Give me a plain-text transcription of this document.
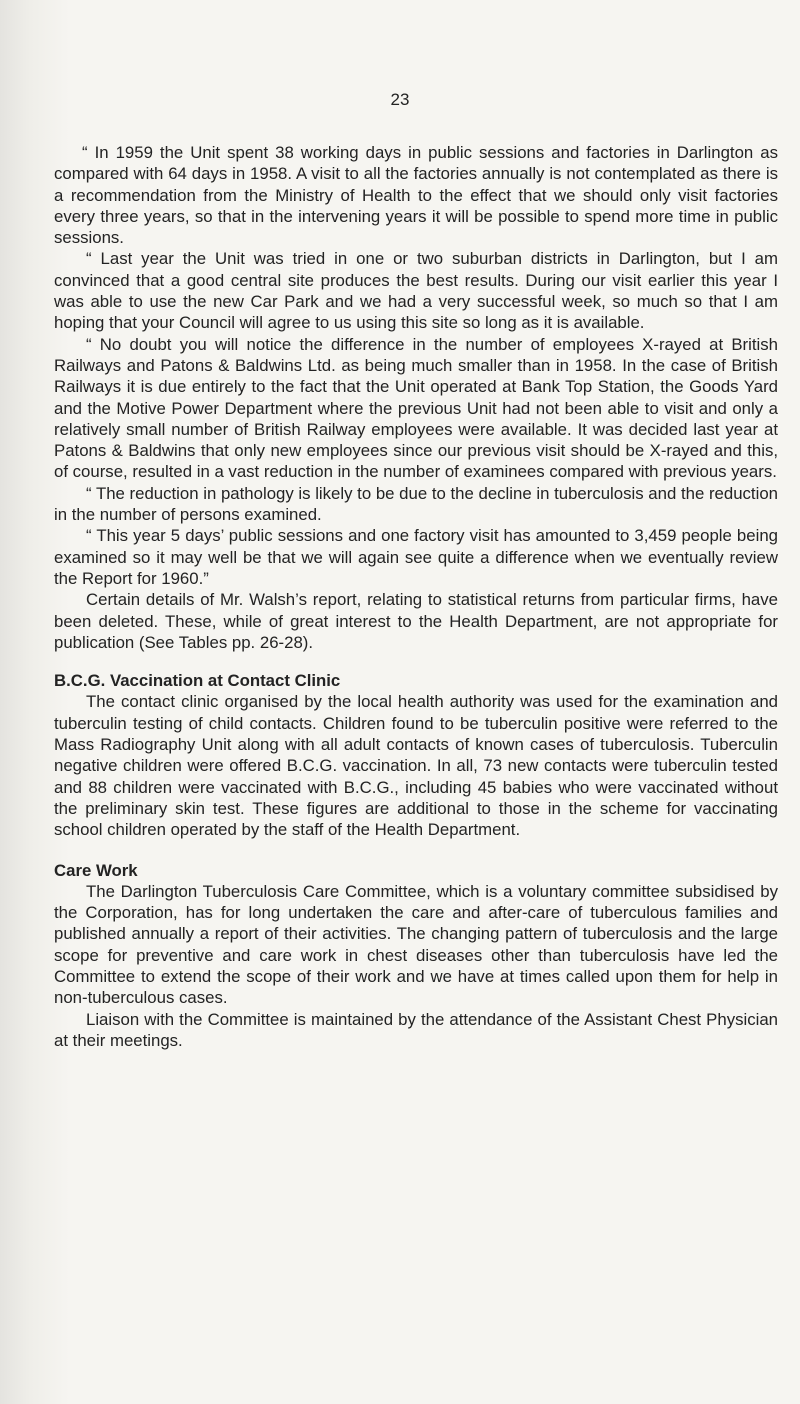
23

“ In 1959 the Unit spent 38 working days in public sessions and factories in Darlington as compared with 64 days in 1958. A visit to all the factories annually is not contemplated as there is a recommendation from the Ministry of Health to the effect that we should only visit factories every three years, so that in the intervening years it will be possible to spend more time in public sessions.

“ Last year the Unit was tried in one or two suburban districts in Darlington, but I am convinced that a good central site produces the best results. During our visit earlier this year I was able to use the new Car Park and we had a very successful week, so much so that I am hoping that your Council will agree to us using this site so long as it is available.

“ No doubt you will notice the difference in the number of employees X-rayed at British Railways and Patons & Baldwins Ltd. as being much smaller than in 1958. In the case of British Railways it is due entirely to the fact that the Unit operated at Bank Top Station, the Goods Yard and the Motive Power Department where the previous Unit had not been able to visit and only a relatively small number of British Railway employees were available. It was decided last year at Patons & Baldwins that only new employees since our previous visit should be X-rayed and this, of course, resulted in a vast reduction in the number of examinees compared with previous years.

“ The reduction in pathology is likely to be due to the decline in tuberculosis and the reduction in the number of persons examined.

“ This year 5 days’ public sessions and one factory visit has amounted to 3,459 people being examined so it may well be that we will again see quite a difference when we eventually review the Report for 1960.”

Certain details of Mr. Walsh’s report, relating to statistical returns from particular firms, have been deleted. These, while of great interest to the Health Department, are not appropriate for publication (See Tables pp. 26-28).

B.C.G. Vaccination at Contact Clinic

The contact clinic organised by the local health authority was used for the examination and tuberculin testing of child contacts. Children found to be tuberculin positive were referred to the Mass Radiography Unit along with all adult contacts of known cases of tuberculosis. Tuberculin negative children were offered B.C.G. vaccination. In all, 73 new contacts were tuberculin tested and 88 children were vaccinated with B.C.G., including 45 babies who were vaccinated without the preliminary skin test. These figures are additional to those in the scheme for vaccinating school children operated by the staff of the Health Department.

Care Work

The Darlington Tuberculosis Care Committee, which is a voluntary committee subsidised by the Corporation, has for long undertaken the care and after-care of tuberculous families and published annually a report of their activities. The changing pattern of tuberculosis and the large scope for preventive and care work in chest diseases other than tuberculosis have led the Committee to extend the scope of their work and we have at times called upon them for help in non-tuberculous cases.

Liaison with the Committee is maintained by the attendance of the Assistant Chest Physician at their meetings.
